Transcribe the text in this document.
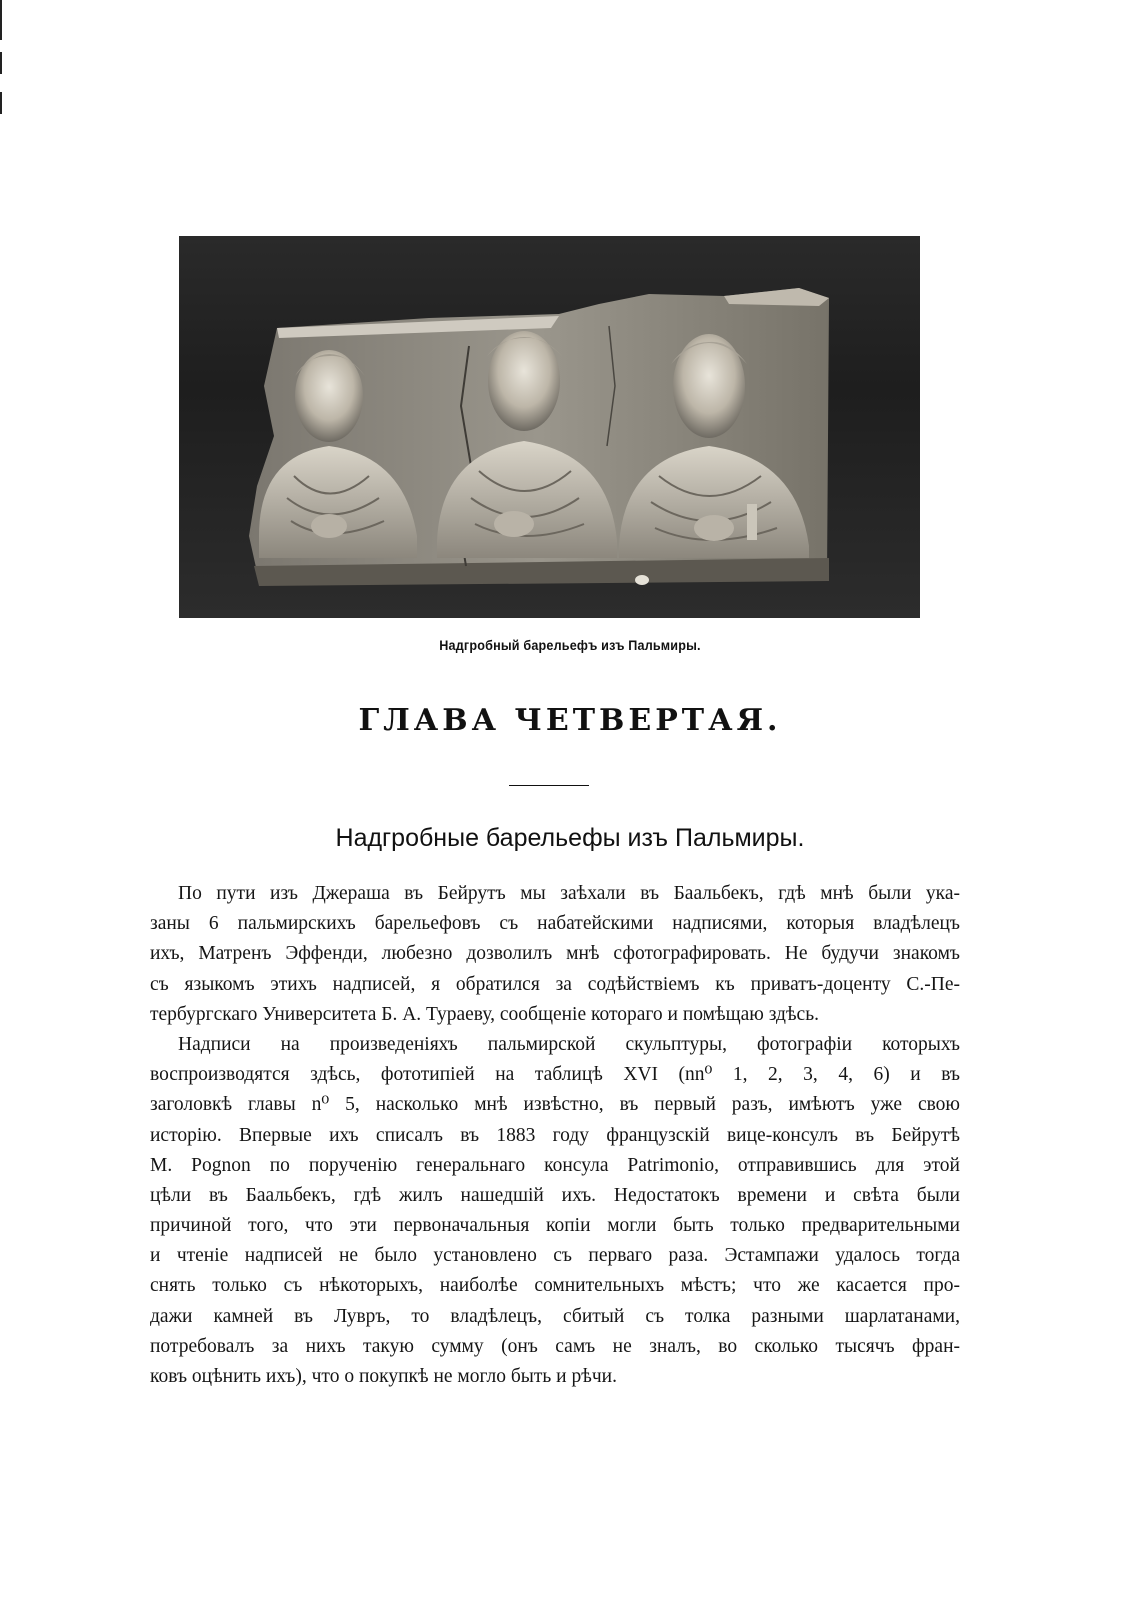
Надгробный барельефъ изъ Пальмиры.
ГЛАВА ЧЕТВЕРТАЯ.
Надгробные барельефы изъ Пальмиры.
По пути изъ Джераша въ Бейрутъ мы заѣхали въ Баальбекъ, гдѣ мнѣ были ука-
заны 6 пальмирскихъ барельефовъ съ набатейскими надписями, которыя владѣлецъ
ихъ, Матренъ Эффенди, любезно дозволилъ мнѣ сфотографировать. Не будучи знакомъ
съ языкомъ этихъ надписей, я обратился за содѣйствіемъ къ приватъ-доценту С.-Пе-
тербургскаго Университета Б. А. Тураеву, сообщеніе котораго и помѣщаю здѣсь.
Надписи на произведеніяхъ пальмирской скульптуры, фотографіи которыхъ
воспроизводятся здѣсь, фототипіей на таблицѣ XVI (nn⁰ 1, 2, 3, 4, 6) и въ
заголовкѣ главы n⁰ 5, насколько мнѣ извѣстно, въ первый разъ, имѣютъ уже свою
исторію. Впервые ихъ списалъ въ 1883 году французскій вице-консулъ въ Бейрутѣ
M. Pognon по порученію генеральнаго консула Patrimonio, отправившись для этой
цѣли въ Баальбекъ, гдѣ жилъ нашедшій ихъ. Недостатокъ времени и свѣта были
причиной того, что эти первоначальныя копіи могли быть только предварительными
и чтеніе надписей не было установлено съ перваго раза. Эстампажи удалось тогда
снять только съ нѣкоторыхъ, наиболѣе сомнительныхъ мѣстъ; что же касается про-
дажи камней въ Лувръ, то владѣлецъ, сбитый съ толка разными шарлатанами,
потребовалъ за нихъ такую сумму (онъ самъ не зналъ, во сколько тысячъ фран-
ковъ оцѣнить ихъ), что о покупкѣ не могло быть и рѣчи.
